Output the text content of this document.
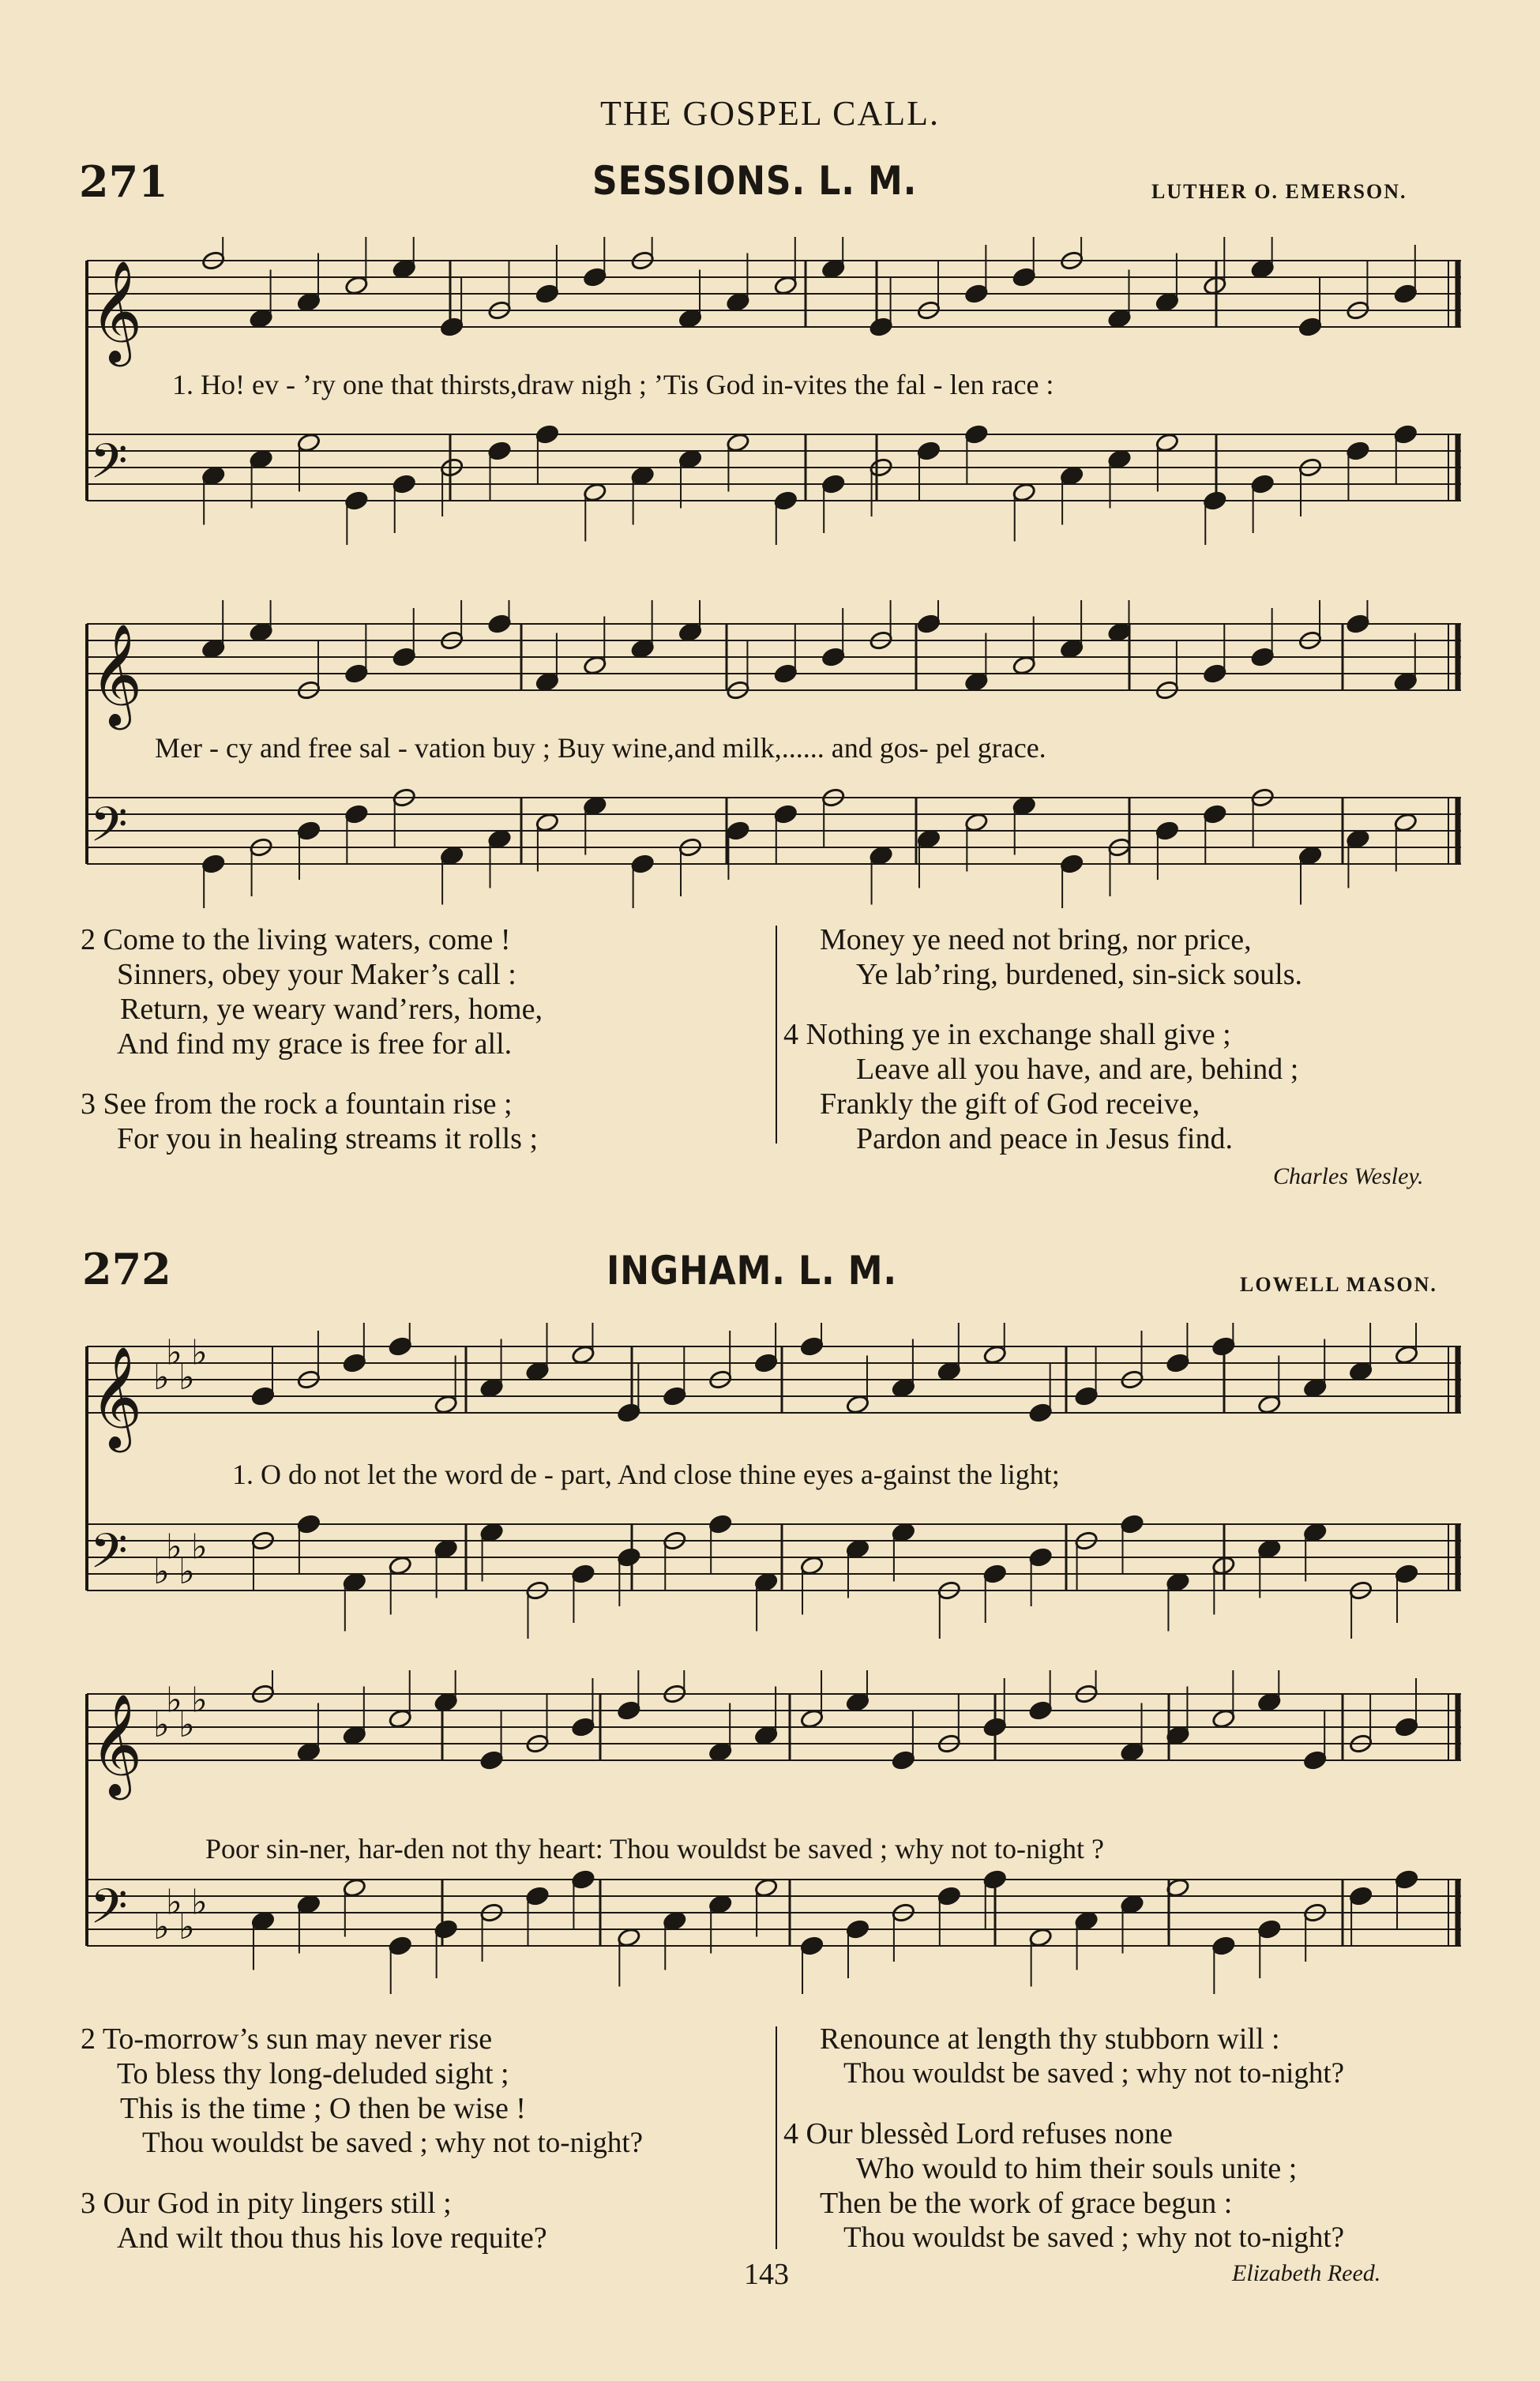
THE GOSPEL CALL.
271	SESSIONS. L. M.	LUTHER O. EMERSON.
𝄞
𝄢
1. Ho! ev - ’ry one that thirsts,draw nigh ; ’Tis God in-vites the fal - len race :
𝄞
𝄢
Mer - cy and free sal - vation buy ; Buy wine,and milk,...... and gos- pel grace.
2 Come to the living waters, come !
Sinners, obey your Maker’s call :
Return, ye weary wand’rers, home,
And find my grace is free for all.
3 See from the rock a fountain rise ;
For you in healing streams it rolls ;
Money ye need not bring, nor price,
Ye lab’ring, burdened, sin-sick souls.
4 Nothing ye in exchange shall give ;
Leave all you have, and are, behind ;
Frankly the gift of God receive,
Pardon and peace in Jesus find.
Charles Wesley.
272	INGHAM. L. M.	LOWELL MASON.
𝄞 ♭
♭
♭
♭
𝄢 ♭
♭
♭
♭
1. O do not let the word de - part, And close thine eyes a-gainst the light;
𝄞 ♭
♭
♭
♭
𝄢 ♭
♭
♭
♭
Poor sin-ner, har-den not thy heart: Thou wouldst be saved ; why not to-night ?
2 To-morrow’s sun may never rise
To bless thy long-deluded sight ;
This is the time ; O then be wise !
Thou wouldst be saved ; why not to-night?
3 Our God in pity lingers still ;
And wilt thou thus his love requite?
Renounce at length thy stubborn will :
Thou wouldst be saved ; why not to-night?
4 Our blessèd Lord refuses none
Who would to him their souls unite ;
Then be the work of grace begun :
Thou wouldst be saved ; why not to-night?
143	Elizabeth Reed.
